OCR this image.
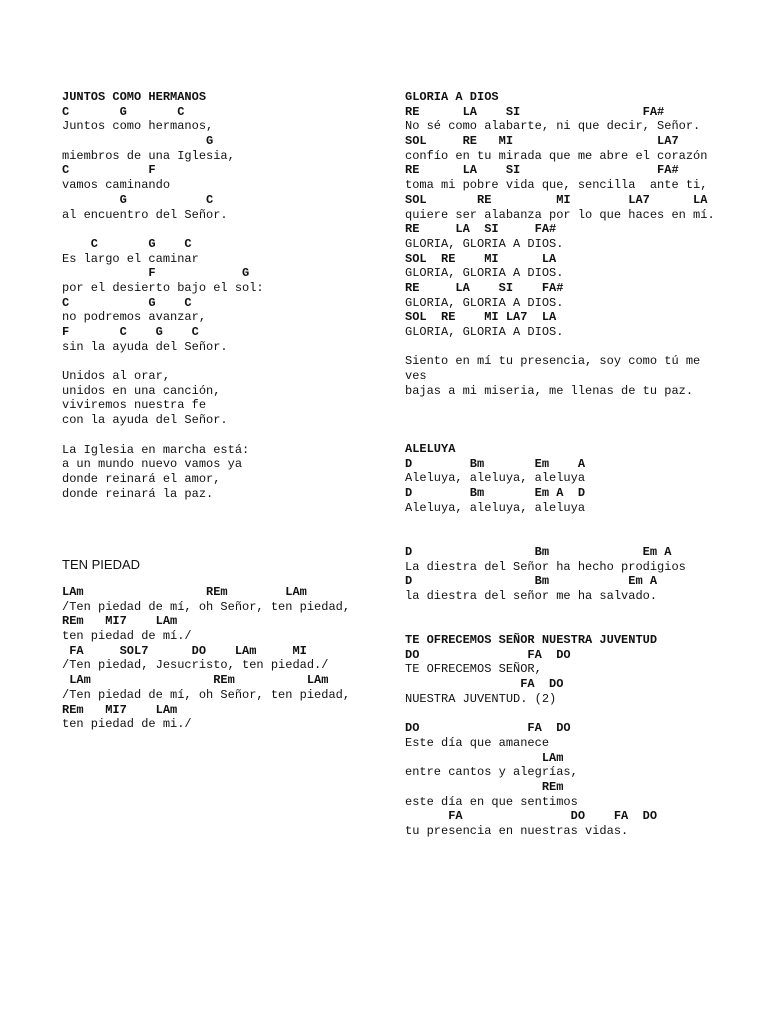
JUNTOS COMO HERMANOS
C       G       C
Juntos como hermanos,
G
miembros de una Iglesia,
C           F
vamos caminando
G           C
al encuentro del Señor.
C       G    C
Es largo el caminar
F            G
por el desierto bajo el sol:
C           G    C
no podremos avanzar,
F       C    G    C
sin la ayuda del Señor.
Unidos al orar,
unidos en una canción,
viviremos nuestra fe
con la ayuda del Señor.
La Iglesia en marcha está:
a un mundo nuevo vamos ya
donde reinará el amor,
donde reinará la paz.
TEN PIEDAD
LAm                 REm        LAm
/Ten piedad de mí, oh Señor, ten piedad,
REm   MI7    LAm
ten piedad de mí./
FA     SOL7      DO    LAm     MI
/Ten piedad, Jesucristo, ten piedad./
LAm                 REm          LAm
/Ten piedad de mí, oh Señor, ten piedad,
REm   MI7    LAm
ten piedad de mi./
GLORIA A DIOS
RE      LA    SI                 FA#
No sé como alabarte, ni que decir, Señor.
SOL     RE   MI                    LA7
confío en tu mirada que me abre el corazón
RE      LA    SI                   FA#
toma mi pobre vida que, sencilla  ante ti,
SOL       RE         MI        LA7      LA
quiere ser alabanza por lo que haces en mí.
RE     LA  SI     FA#
GLORIA, GLORIA A DIOS.
SOL  RE    MI      LA
GLORIA, GLORIA A DIOS.
RE     LA    SI    FA#
GLORIA, GLORIA A DIOS.
SOL  RE    MI LA7  LA
GLORIA, GLORIA A DIOS.
Siento en mí tu presencia, soy como tú me
ves
bajas a mi miseria, me llenas de tu paz.
ALELUYA
D        Bm       Em    A
Aleluya, aleluya, aleluya
D        Bm       Em A  D
Aleluya, aleluya, aleluya
D                 Bm             Em A
La diestra del Señor ha hecho prodigios
D                 Bm           Em A
la diestra del señor me ha salvado.
TE OFRECEMOS SEÑOR NUESTRA JUVENTUD
DO               FA  DO
TE OFRECEMOS SEÑOR,
FA  DO
NUESTRA JUVENTUD. (2)
DO               FA  DO
Este día que amanece
LAm
entre cantos y alegrías,
REm
este día en que sentimos
FA               DO    FA  DO
tu presencia en nuestras vidas.
